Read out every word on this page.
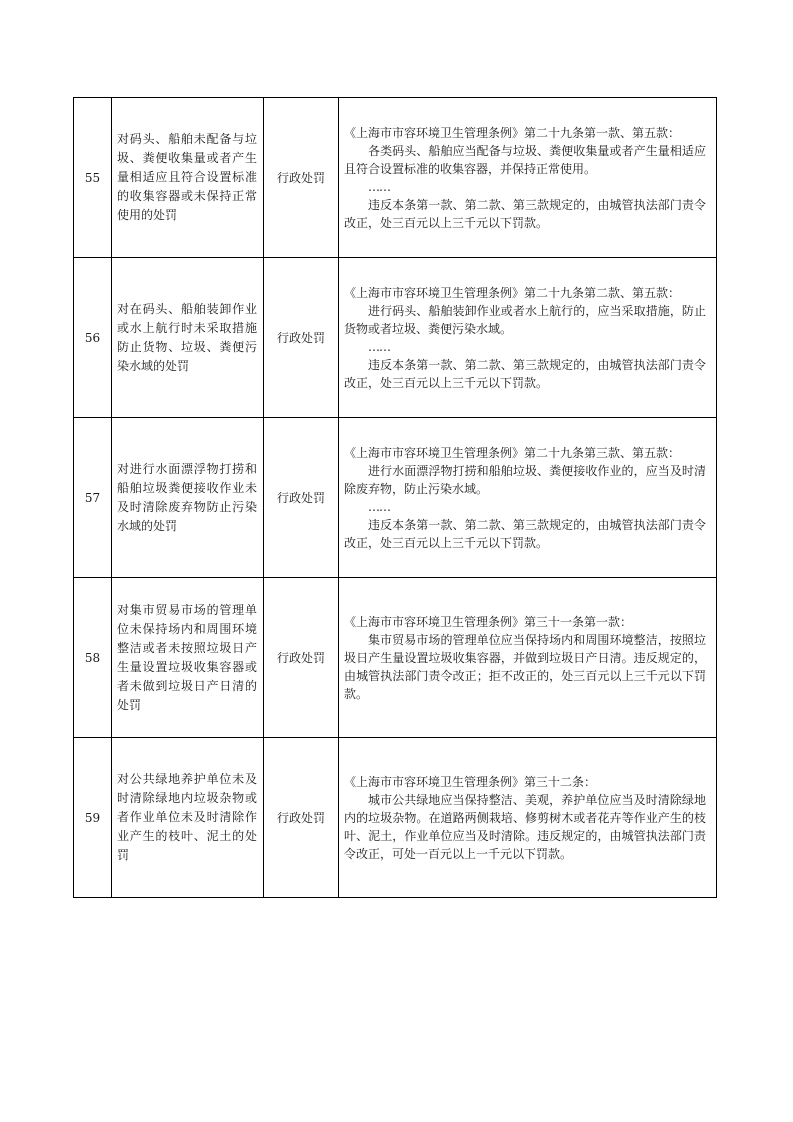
55	对码头、船舶未配备与垃圾、粪便收集量或者产生量相适应且符合设置标准的收集容器或未保持正常使用的处罚	行政处罚	《上海市市容环境卫生管理条例》第二十九条第一款、第五款：

各类码头、船舶应当配备与垃圾、粪便收集量或者产生量相适应且符合设置标准的收集容器，并保持正常使用。

……

违反本条第一款、第二款、第三款规定的，由城管执法部门责令改正，处三百元以上三千元以下罚款。

56	对在码头、船舶装卸作业或水上航行时未采取措施防止货物、垃圾、粪便污染水域的处罚	行政处罚	《上海市市容环境卫生管理条例》第二十九条第二款、第五款：

进行码头、船舶装卸作业或者水上航行的，应当采取措施，防止货物或者垃圾、粪便污染水域。

……

违反本条第一款、第二款、第三款规定的，由城管执法部门责令改正，处三百元以上三千元以下罚款。

57	对进行水面漂浮物打捞和船舶垃圾粪便接收作业未及时清除废弃物防止污染水域的处罚	行政处罚	《上海市市容环境卫生管理条例》第二十九条第三款、第五款：

进行水面漂浮物打捞和船舶垃圾、粪便接收作业的，应当及时清除废弃物，防止污染水域。

……

违反本条第一款、第二款、第三款规定的，由城管执法部门责令改正，处三百元以上三千元以下罚款。

58	对集市贸易市场的管理单位未保持场内和周围环境整洁或者未按照垃圾日产生量设置垃圾收集容器或者未做到垃圾日产日清的处罚	行政处罚	《上海市市容环境卫生管理条例》第三十一条第一款：

集市贸易市场的管理单位应当保持场内和周围环境整洁，按照垃圾日产生量设置垃圾收集容器，并做到垃圾日产日清。违反规定的，由城管执法部门责令改正；拒不改正的，处三百元以上三千元以下罚款。

59	对公共绿地养护单位未及时清除绿地内垃圾杂物或者作业单位未及时清除作业产生的枝叶、泥土的处罚	行政处罚	《上海市市容环境卫生管理条例》第三十二条：

城市公共绿地应当保持整洁、美观，养护单位应当及时清除绿地内的垃圾杂物。在道路两侧栽培、修剪树木或者花卉等作业产生的枝叶、泥土，作业单位应当及时清除。违反规定的，由城管执法部门责令改正，可处一百元以上一千元以下罚款。
